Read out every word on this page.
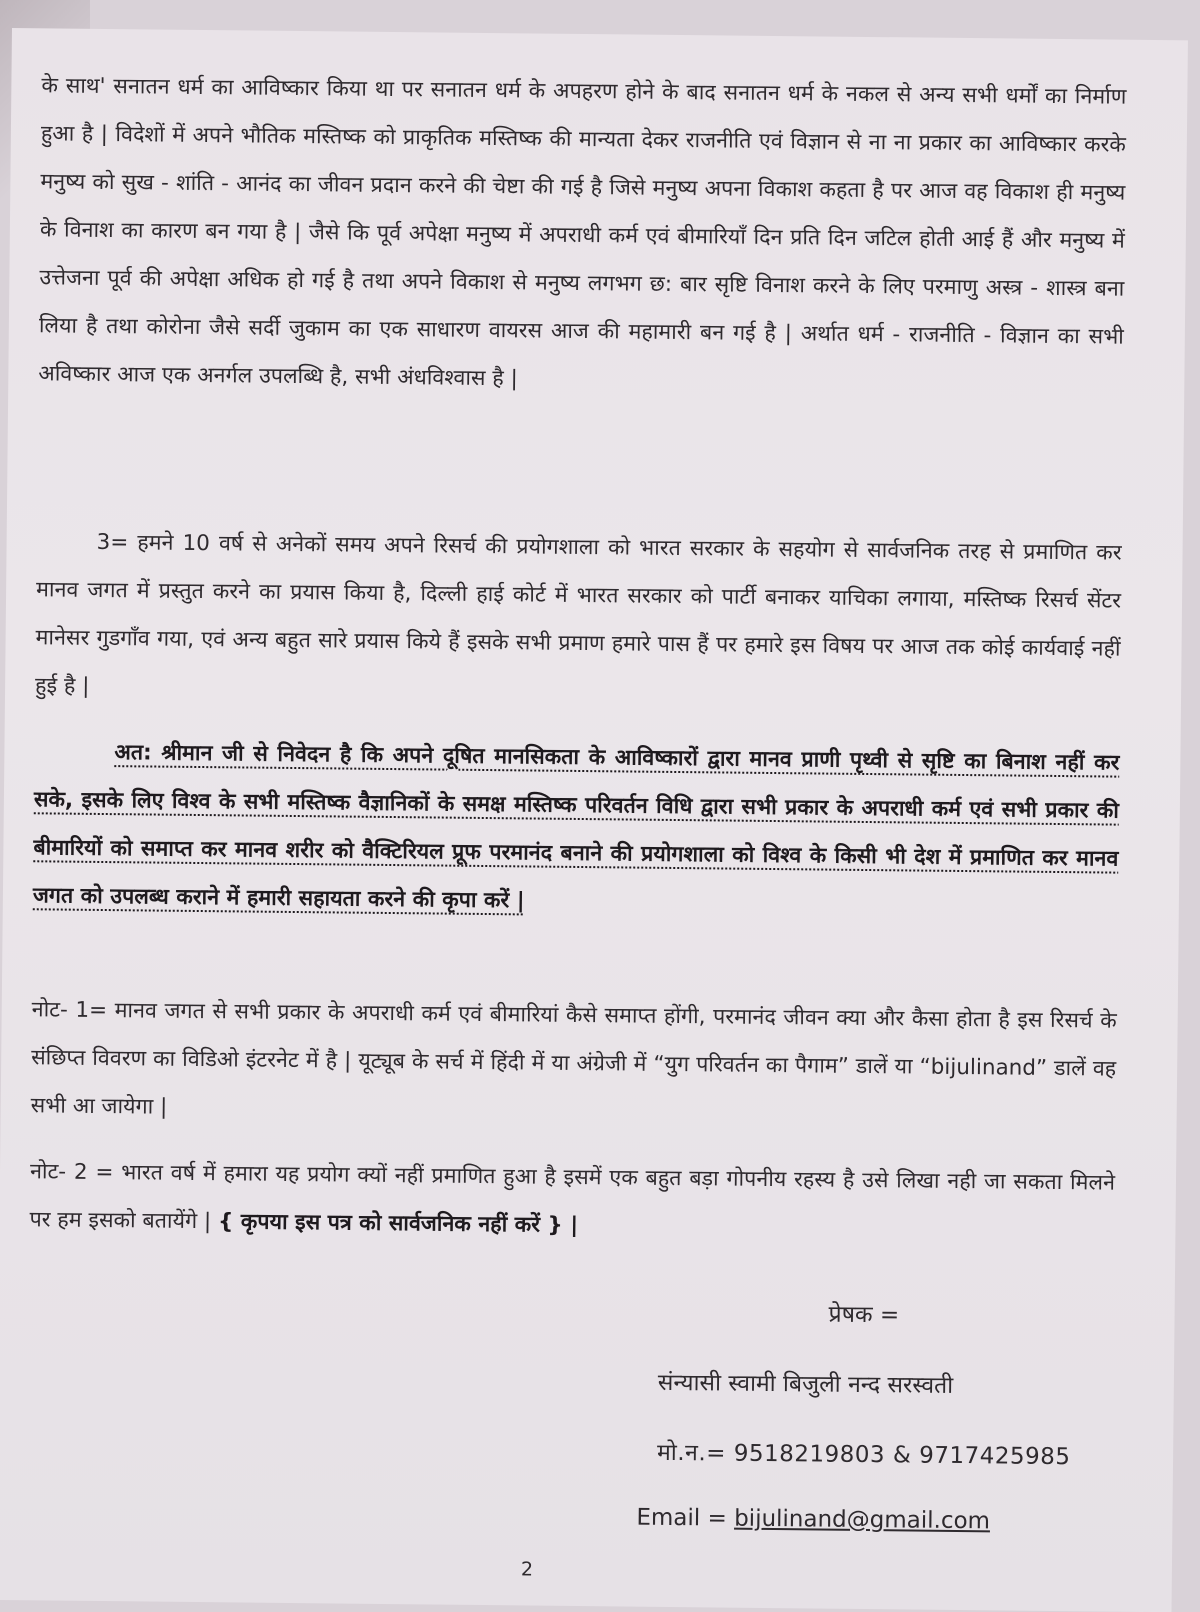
के साथ' सनातन धर्म का आविष्कार किया था पर सनातन धर्म के अपहरण होने के बाद सनातन धर्म के नकल से अन्य सभी धर्मों का निर्माण हुआ है | विदेशों में अपने भौतिक मस्तिष्क को प्राकृतिक मस्तिष्क की मान्यता देकर राजनीति एवं विज्ञान से ना ना प्रकार का आविष्कार करके मनुष्य को सुख - शांति - आनंद का जीवन प्रदान करने की चेष्टा की गई है जिसे मनुष्य अपना विकाश कहता है पर आज वह विकाश ही मनुष्य के विनाश का कारण बन गया है | जैसे कि पूर्व अपेक्षा मनुष्य में अपराधी कर्म एवं बीमारियाँ दिन प्रति दिन जटिल होती आई हैं और मनुष्य में उत्तेजना पूर्व की अपेक्षा अधिक हो गई है तथा अपने विकाश से मनुष्य लगभग छ: बार सृष्टि विनाश करने के लिए परमाणु अस्त्र - शास्त्र बना लिया है तथा कोरोना जैसे सर्दी जुकाम का एक साधारण वायरस आज की महामारी बन गई है | अर्थात धर्म - राजनीति - विज्ञान का सभी अविष्कार आज एक अनर्गल उपलब्धि है, सभी अंधविश्वास है |

3= हमने 10 वर्ष से अनेकों समय अपने रिसर्च की प्रयोगशाला को भारत सरकार के सहयोग से सार्वजनिक तरह से प्रमाणित कर मानव जगत में प्रस्तुत करने का प्रयास किया है, दिल्ली हाई कोर्ट में भारत सरकार को पार्टी बनाकर याचिका लगाया, मस्तिष्क रिसर्च सेंटर मानेसर गुडगाँव गया, एवं अन्य बहुत सारे प्रयास किये हैं इसके सभी प्रमाण हमारे पास हैं पर हमारे इस विषय पर आज तक कोई कार्यवाई नहीं हुई है |

अत: श्रीमान जी से निवेदन है कि अपने दूषित मानसिकता के आविष्कारों द्वारा मानव प्राणी पृथ्वी से सृष्टि का बिनाश नहीं कर सके, इसके लिए विश्व के सभी मस्तिष्क वैज्ञानिकों के समक्ष मस्तिष्क परिवर्तन विधि द्वारा सभी प्रकार के अपराधी कर्म एवं सभी प्रकार की बीमारियों को समाप्त कर मानव शरीर को वैक्टिरियल प्रूफ परमानंद बनाने की प्रयोगशाला को विश्व के किसी भी देश में प्रमाणित कर मानव जगत को उपलब्ध कराने में हमारी सहायता करने की कृपा करें |

नोट- 1= मानव जगत से सभी प्रकार के अपराधी कर्म एवं बीमारियां कैसे समाप्त होंगी, परमानंद जीवन क्या और कैसा होता है इस रिसर्च के संछिप्त विवरण का विडिओ इंटरनेट में है | यूट्यूब के सर्च में हिंदी में या अंग्रेजी में “युग परिवर्तन का पैगाम” डालें या “bijulinand” डालें वह सभी आ जायेगा |

नोट- 2 = भारत वर्ष में हमारा यह प्रयोग क्यों नहीं प्रमाणित हुआ है इसमें एक बहुत बड़ा गोपनीय रहस्य है उसे लिखा नही जा सकता मिलने पर हम इसको बतायेंगे | { कृपया इस पत्र को सार्वजनिक नहीं करें } |

प्रेषक =
संन्यासी स्वामी बिजुली नन्द सरस्वती
मो.न.= 9518219803 & 9717425985
Email = bijulinand@gmail.com
2
